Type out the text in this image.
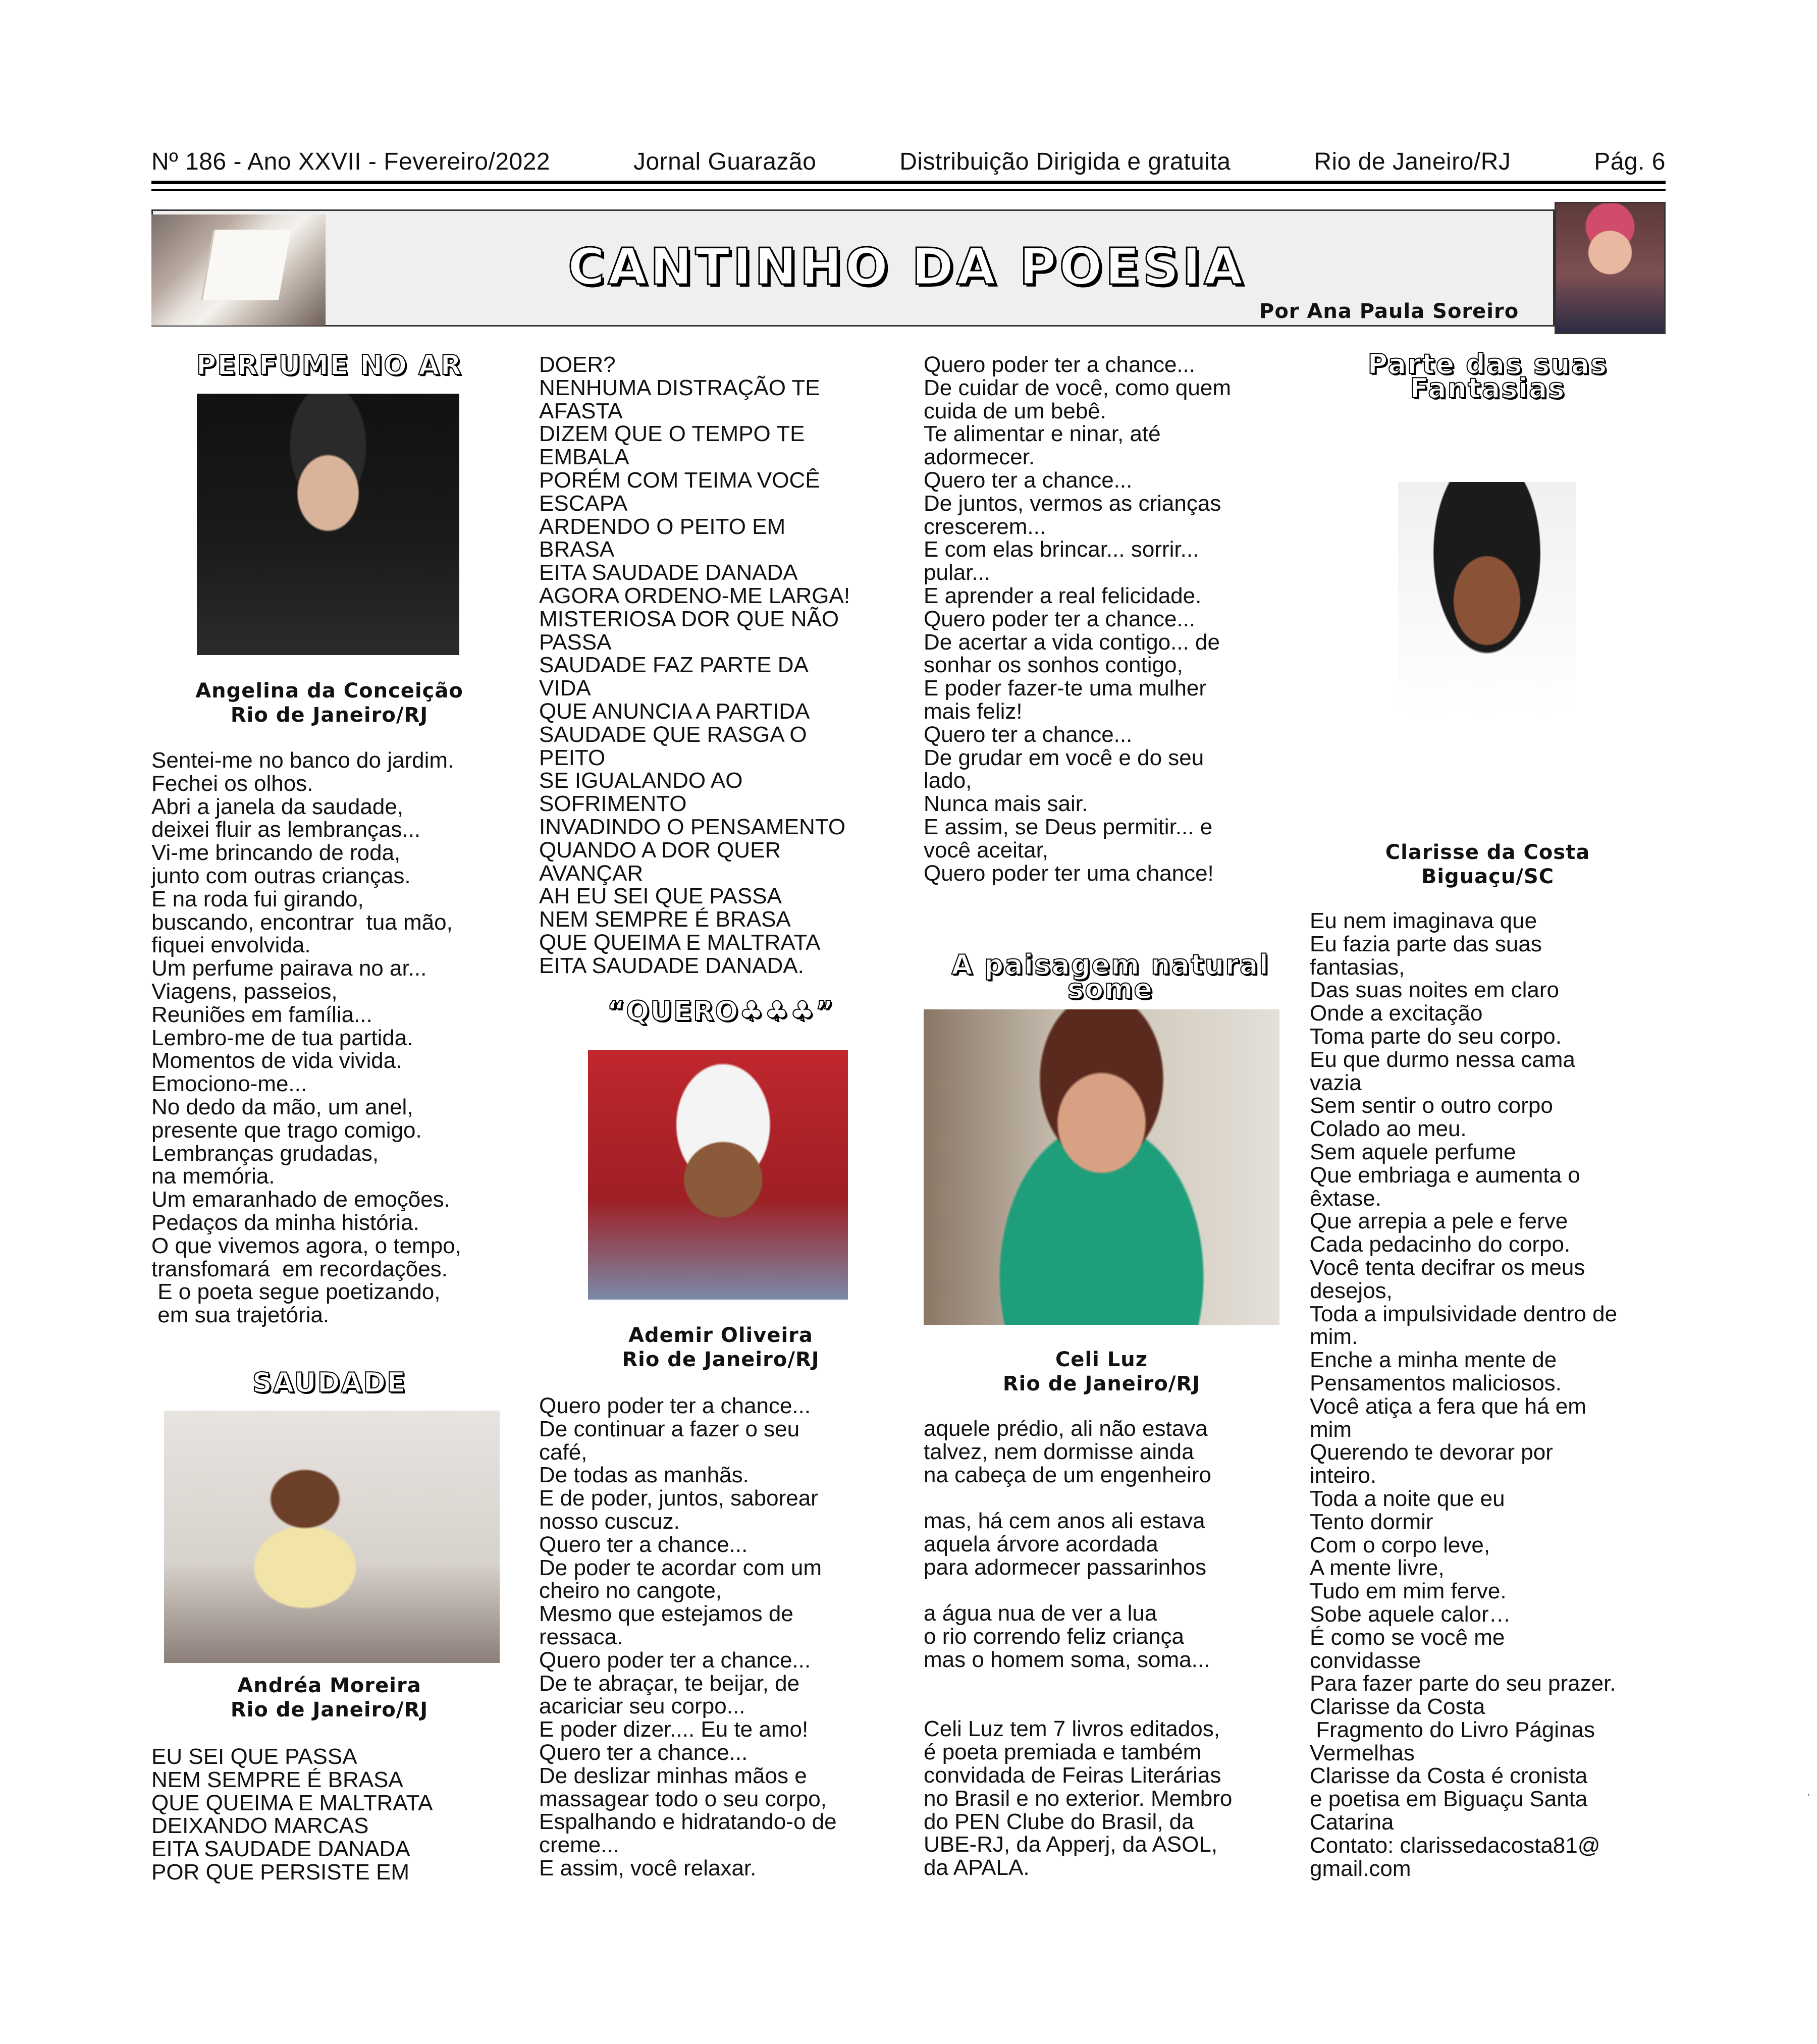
Nº 186 - Ano XXVII - Fevereiro/2022	Jornal Guarazão	Distribuição Dirigida e gratuita	Rio de Janeiro/RJ	Pág. 6
CANTINHO DA POESIA
Por Ana Paula Soreiro
PERFUME NO AR
Angelina da Conceição
Rio de Janeiro/RJ

Sentei-me no banco do jardim.
Fechei os olhos.
Abri a janela da saudade,
deixei fluir as lembranças...
Vi-me brincando de roda,
junto com outras crianças.
E na roda fui girando,
buscando, encontrar  tua mão,
fiquei envolvida.
Um perfume pairava no ar...
Viagens, passeios,
Reuniões em família...
Lembro-me de tua partida.
Momentos de vida vivida.
Emociono-me...
No dedo da mão, um anel,
presente que trago comigo.
Lembranças grudadas,
na memória.
Um emaranhado de emoções.
Pedaços da minha história.
O que vivemos agora, o tempo,
transfomará  em recordações.
E o poeta segue poetizando,
em sua trajetória.

SAUDADE
Andréa Moreira
Rio de Janeiro/RJ

EU SEI QUE PASSA
NEM SEMPRE É BRASA
QUE QUEIMA E MALTRATA
DEIXANDO MARCAS
EITA SAUDADE DANADA
POR QUE PERSISTE EM

DOER?
NENHUMA DISTRAÇÃO TE
AFASTA
DIZEM QUE O TEMPO TE
EMBALA
PORÉM COM TEIMA VOCÊ
ESCAPA
ARDENDO O PEITO EM
BRASA
EITA SAUDADE DANADA
AGORA ORDENO-ME LARGA!
MISTERIOSA DOR QUE NÃO
PASSA
SAUDADE FAZ PARTE DA
VIDA
QUE ANUNCIA A PARTIDA
SAUDADE QUE RASGA O
PEITO
SE IGUALANDO AO
SOFRIMENTO
INVADINDO O PENSAMENTO
QUANDO A DOR QUER
AVANÇAR
AH EU SEI QUE PASSA
NEM SEMPRE É BRASA
QUE QUEIMA E MALTRATA
EITA SAUDADE DANADA.

“QUERO♣♣♣”
Ademir Oliveira
Rio de Janeiro/RJ

Quero poder ter a chance...
De continuar a fazer o seu
café,
De todas as manhãs.
E de poder, juntos, saborear
nosso cuscuz.
Quero ter a chance...
De poder te acordar com um
cheiro no cangote,
Mesmo que estejamos de
ressaca.
Quero poder ter a chance...
De te abraçar, te beijar, de
acariciar seu corpo...
E poder dizer.... Eu te amo!
Quero ter a chance...
De deslizar minhas mãos e
massagear todo o seu corpo,
Espalhando e hidratando-o de
creme...
E assim, você relaxar.

Quero poder ter a chance...
De cuidar de você, como quem
cuida de um bebê.
Te alimentar e ninar, até
adormecer.
Quero ter a chance...
De juntos, vermos as crianças
crescerem...
E com elas brincar... sorrir...
pular...
E aprender a real felicidade.
Quero poder ter a chance...
De acertar a vida contigo... de
sonhar os sonhos contigo,
E poder fazer-te uma mulher
mais feliz!
Quero ter a chance...
De grudar em você e do seu
lado,
Nunca mais sair.
E assim, se Deus permitir... e
você aceitar,
Quero poder ter uma chance!

A paisagem natural
some
Celi Luz
Rio de Janeiro/RJ

aquele prédio, ali não estava
talvez, nem dormisse ainda
na cabeça de um engenheiro

mas, há cem anos ali estava
aquela árvore acordada
para adormecer passarinhos

a água nua de ver a lua
o rio correndo feliz criança
mas o homem soma, soma...

Celi Luz tem 7 livros editados,
é poeta premiada e também
convidada de Feiras Literárias
no Brasil e no exterior. Membro
do PEN Clube do Brasil, da
UBE-RJ, da Apperj, da ASOL,
da APALA.

Parte das suas
Fantasias
Clarisse da Costa
Biguaçu/SC

Eu nem imaginava que
Eu fazia parte das suas
fantasias,
Das suas noites em claro
Onde a excitação
Toma parte do seu corpo.
Eu que durmo nessa cama
vazia
Sem sentir o outro corpo
Colado ao meu.
Sem aquele perfume
Que embriaga e aumenta o
êxtase.
Que arrepia a pele e ferve
Cada pedacinho do corpo.
Você tenta decifrar os meus
desejos,
Toda a impulsividade dentro de
mim.
Enche a minha mente de
Pensamentos maliciosos.
Você atiça a fera que há em
mim
Querendo te devorar por
inteiro.
Toda a noite que eu
Tento dormir
Com o corpo leve,
A mente livre,
Tudo em mim ferve.
Sobe aquele calor…
É como se você me
convidasse
Para fazer parte do seu prazer.
Clarisse da Costa
Fragmento do Livro Páginas
Vermelhas
Clarisse da Costa é cronista
e poetisa em Biguaçu Santa
Catarina
Contato: clarissedacosta81@
gmail.com

·
